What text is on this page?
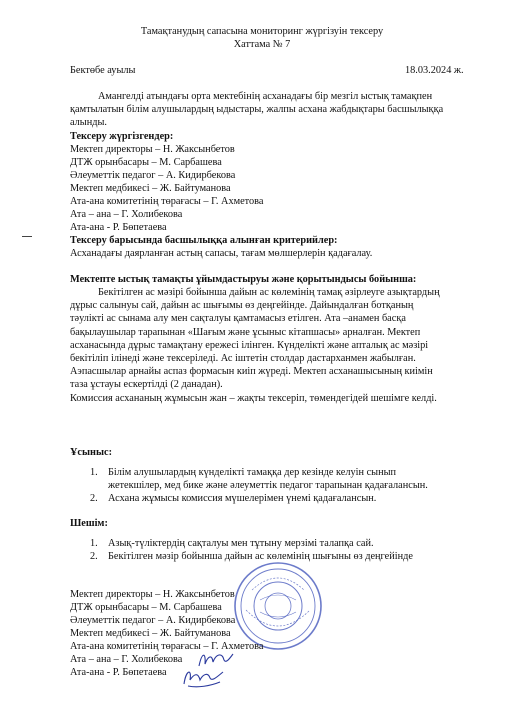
Тамақтанудың сапасына мониторинг жүргізуін тексеру
Хаттама № 7
Бектөбе ауылы	18.03.2024 ж.
Амангелді атындағы орта мектебінің асханадағы бір мезгіл ыстық тамақпен
қамтылатын білім алушылардың ыдыстары, жалпы асхана жабдықтары басшылыққа
алынды.
Тексеру жүргізгендер:
Мектеп директоры – Н. Жаксынбетов
ДТЖ орынбасары – М. Сарбашева
Әлеуметтік педагог – А. Кидирбекова
Мектеп медбикесі – Ж. Байтуманова
Ата-ана комитетінің төрағасы – Г. Ахметова
Ата – ана – Г. Холибекова
Ата-ана - Р. Бөпетаева
Тексеру барысында басшылыққа алынған критерийлер:
Асханадағы даярланған астың сапасы, тағам мөлшерлерін қадағалау.
Мектепте ыстық тамақты ұйымдастыруы және қорытындысы бойынша:
Бекітілген ас мәзірі бойынша дайын ас көлемінің тамақ әзірлеуге азықтардың
дұрыс салынуы сай, дайын ас шығымы өз деңгейінде. Дайындалған ботқаның
тәулікті ас сынама алу мен сақталуы қамтамасыз етілген. Ата –анамен басқа
бақылаушылар тарапынан «Шағым және ұсыныс кітапшасы» арналған. Мектеп
асханасында дұрыс тамақтану ережесі ілінген. Күнделікті және апталық ас мәзірі
бекітіліп ілінеді және тексеріледі. Ас іштетін столдар дастарханмен жабылған.
Аэпасшылар арнайы аспаз формасын киіп жүреді. Мектеп асханашысының киімін
таза ұстауы ескертілді (2 данадан).
Комиссия асхананың жұмысын жан – жақты тексеріп, төмендегідей шешімге келді.
Ұсыныс:
1. Білім алушылардың күнделікті тамаққа дер кезінде келуін сынып
жетекшілер, мед бике және әлеуметтік педагог тарапынан қадағалансын.
2. Асхана жұмысы комиссия мүшелерімен үнемі қадағалансын.
Шешім:
1. Азық-түліктердің сақталуы мен тұтыну мерзімі талапқа сай.
2. Бекітілген мәзір бойынша дайын ас көлемінің шығыны өз деңгейінде
Мектеп директоры – Н. Жаксынбетов
ДТЖ орынбасары – М. Сарбашева
Әлеуметтік педагог – А. Кидирбекова
Мектеп медбикесі – Ж. Байтуманова
Ата-ана комитетінің төрағасы – Г. Ахметова
Ата – ана – Г. Холибекова
Ата-ана - Р. Бөпетаева
